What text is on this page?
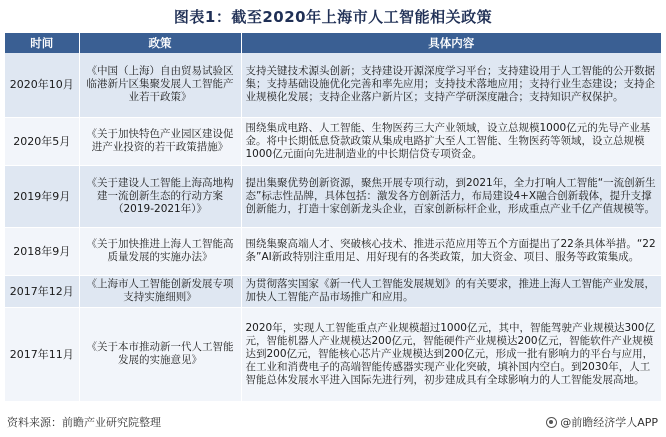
图表1：截至2020年上海市人工智能相关政策
时间	政策	具体内容
2020年10月	《中国（上海）自由贸易试验区临港新片区集聚发展人工智能产业若干政策》	支持关键技术源头创新；支持建设开源深度学习平台；支持建设用于人工智能的公开数据集；支持基础设施优化完善和率先应用；支持技术落地应用；支持行业生态建设；支持企业规模化发展；支持企业落户新片区；支持产学研深度融合；支持知识产权保护。
2020年5月	《关于加快特色产业园区建设促进产业投资的若干政策措施》	围绕集成电路、人工智能、生物医药三大产业领域，设立总规模1000亿元的先导产业基金。将中长期低息贷款政策从集成电路扩大至人工智能、生物医药等领域，设立总规模1000亿元面向先进制造业的中长期信贷专项资金。
2019年9月	《关于建设人工智能上海高地构建一流创新生态的行动方案（2019-2021年）》	提出集聚优势创新资源，聚焦开展专项行动，到2021年，全力打响人工智能“一流创新生态”标志性品牌，具体包括：激发各方创新活力，布局建设4+X融合创新载体，提升支撑创新能力，打造十家创新龙头企业，百家创新标杆企业，形成重点产业千亿产值规模等。
2018年9月	《关于加快推进上海人工智能高质量发展的实施办法》	围绕集聚高端人才、突破核心技术、推进示范应用等五个方面提出了22条具体举措。“22条”AI新政特别注重用足、用好现有的各类政策，加大资金、项目、服务等政策集成。
2017年12月	《上海市人工智能创新发展专项支持实施细则》	为贯彻落实国家《新一代人工智能发展规划》的有关要求，推进上海人工智能产业发展，加快人工智能产品市场推广和应用。
2017年11月	《关于本市推动新一代人工智能发展的实施意见》	2020年，实现人工智能重点产业规模超过1000亿元，其中，智能驾驶产业规模达300亿元，智能机器人产业规模达200亿元，智能硬件产业规模达200亿元，智能软件产业规模达到200亿元，智能核心芯片产业规模达到200亿元，形成一批有影响力的平台与应用，在工业和消费电子的高端智能传感器实现产业化突破，填补国内空白。到2030年，人工智能总体发展水平进入国际先进行列，初步建成具有全球影响力的人工智能发展高地。
资料来源：前瞻产业研究院整理	@前瞻经济学人APP
